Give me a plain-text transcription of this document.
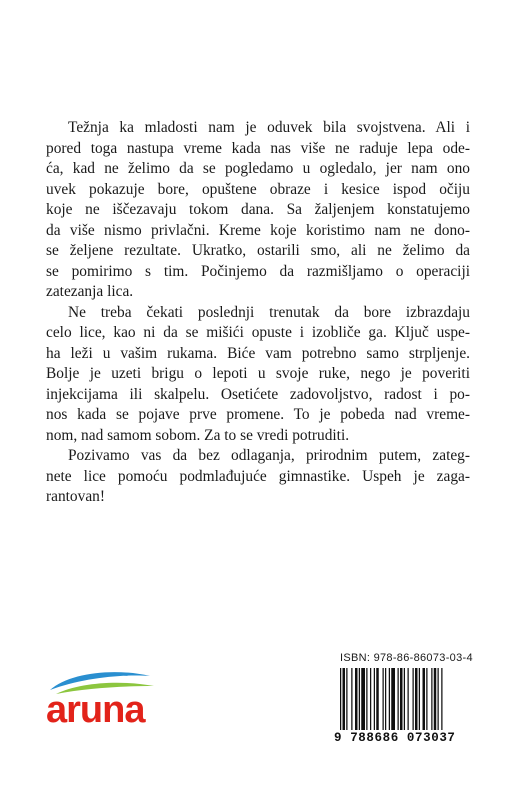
Težnja ka mladosti nam je oduvek bila svojstvena. Ali i
pored toga nastupa vreme kada nas više ne raduje lepa ode-
ća, kad ne želimo da se pogledamo u ogledalo, jer nam ono
uvek pokazuje bore, opuštene obraze i kesice ispod očiju
koje ne iščezavaju tokom dana. Sa žaljenjem konstatujemo
da više nismo privlačni. Kreme koje koristimo nam ne dono-
se željene rezultate. Ukratko, ostarili smo, ali ne želimo da
se pomirimo s tim. Počinjemo da razmišljamo o operaciji
zatezanja lica.

Ne treba čekati poslednji trenutak da bore izbrazdaju
celo lice, kao ni da se mišići opuste i izobliče ga. Ključ uspe-
ha leži u vašim rukama. Biće vam potrebno samo strpljenje.
Bolje je uzeti brigu o lepoti u svoje ruke, nego je poveriti
injekcijama ili skalpelu. Osetićete zadovoljstvo, radost i po-
nos kada se pojave prve promene. To je pobeda nad vreme-
nom, nad samom sobom. Za to se vredi potruditi.

Pozivamo vas da bez odlaganja, prirodnim putem, zateg-
nete lice pomoću podmlađujuće gimnastike. Uspeh je zaga-
rantovan!

aruna
ISBN: 978-86-86073-03-4
9 788686 073037
